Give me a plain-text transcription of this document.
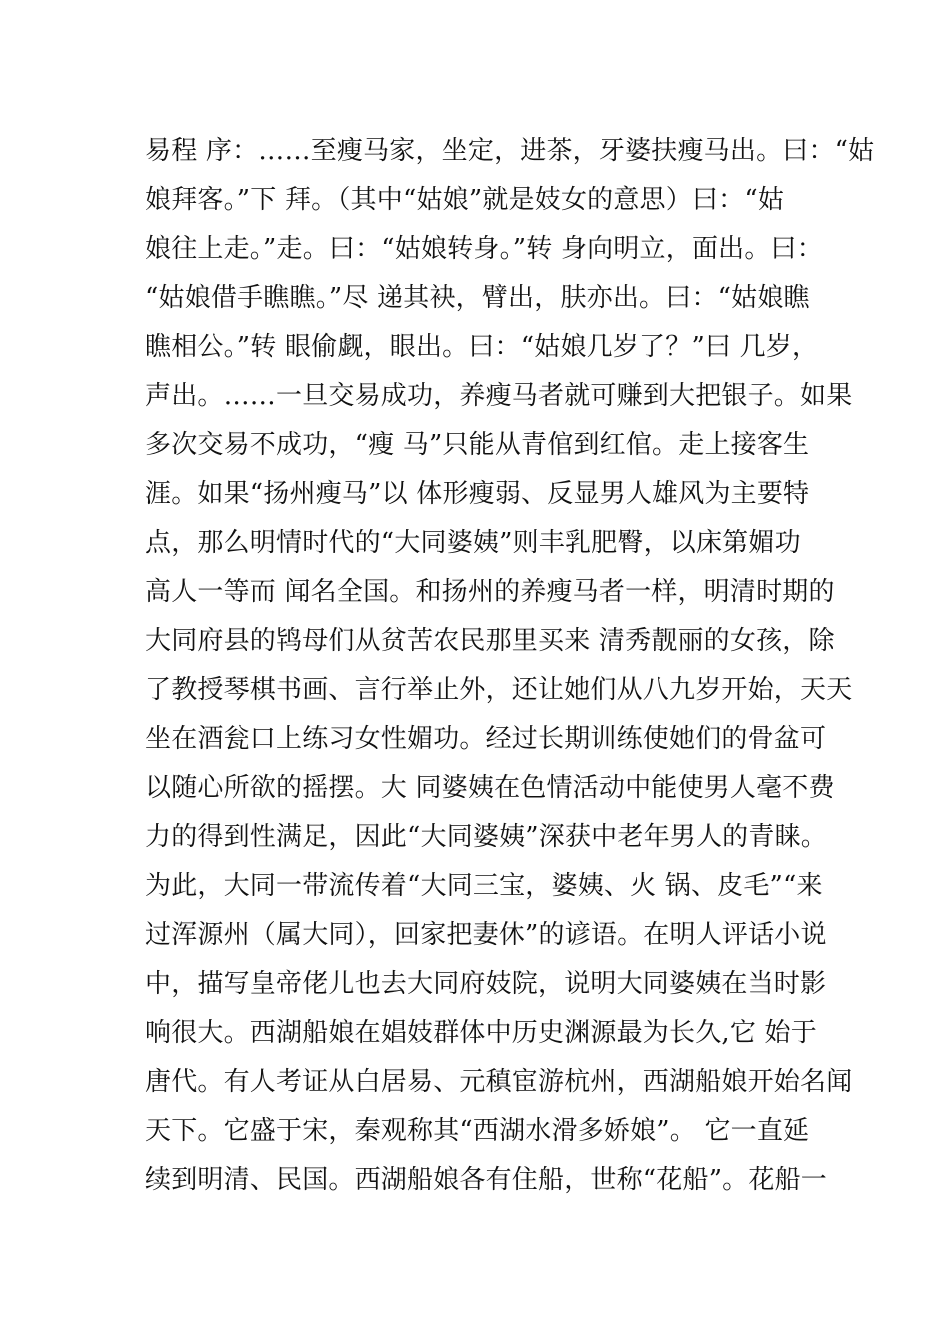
易程 序：……至瘦马家，坐定，进茶，牙婆扶瘦马出。曰：“姑
娘拜客。”下 拜。（其中“姑娘”就是妓女的意思）曰：“姑
娘往上走。”走。曰：“姑娘转身。”转 身向明立，面出。曰：
“姑娘借手瞧瞧。”尽 递其袂，臂出，肤亦出。曰：“姑娘瞧
瞧相公。”转 眼偷觑，眼出。曰：“姑娘几岁了？”曰 几岁，
声出。……一旦交易成功，养瘦马者就可赚到大把银子。如果
多次交易不成功，“瘦 马”只能从青倌到红倌。走上接客生
涯。如果“扬州瘦马”以 体形瘦弱、反显男人雄风为主要特
点，那么明情时代的“大同婆姨”则丰乳肥臀，以床第媚功
高人一等而 闻名全国。和扬州的养瘦马者一样，明清时期的
大同府县的鸨母们从贫苦农民那里买来 清秀靓丽的女孩，除
了教授琴棋书画、言行举止外，还让她们从八九岁开始，天天
坐在酒瓮口上练习女性媚功。经过长期训练使她们的骨盆可
以随心所欲的摇摆。大 同婆姨在色情活动中能使男人毫不费
力的得到性满足，因此“大同婆姨”深获中老年男人的青睐。
为此，大同一带流传着“大同三宝，婆姨、火 锅、皮毛”“来
过浑源州（属大同），回家把妻休”的谚语。在明人评话小说
中，描写皇帝佬儿也去大同府妓院，说明大同婆姨在当时影
响很大。西湖船娘在娼妓群体中历史渊源最为长久,它 始于
唐代。有人考证从白居易、元稹宦游杭州，西湖船娘开始名闻
天下。它盛于宋，秦观称其“西湖水滑多娇娘”。 它一直延
续到明清、民国。西湖船娘各有住船，世称“花船”。花船一
